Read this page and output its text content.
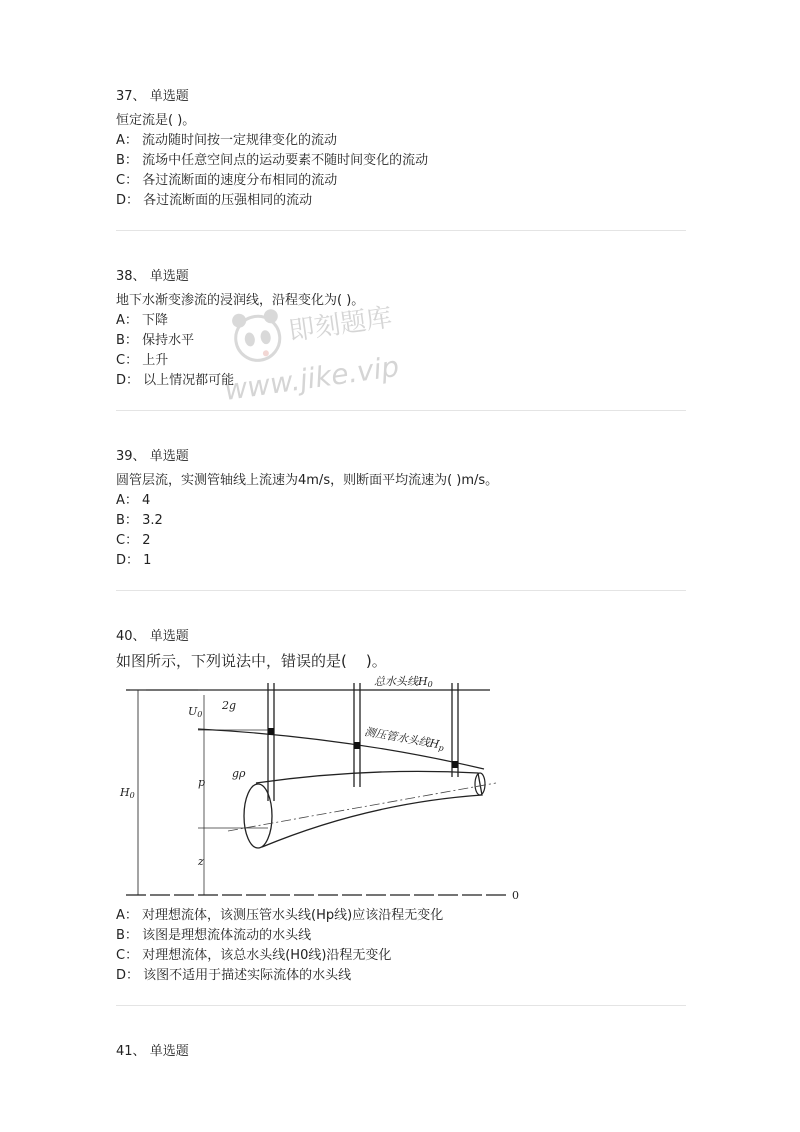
37、 单选题
恒定流是( )。
A： 流动随时间按一定规律变化的流动
B： 流场中任意空间点的运动要素不随时间变化的流动
C： 各过流断面的速度分布相同的流动
D： 各过流断面的压强相同的流动
38、 单选题
地下水渐变渗流的浸润线，沿程变化为( )。
A： 下降
B： 保持水平
C： 上升
D： 以上情况都可能
39、 单选题
圆管层流，实测管轴线上流速为4m/s，则断面平均流速为( )m/s。
A： 4
B： 3.2
C： 2
D： 1
40、 单选题
如图所示，下列说法中，错误的是(    )。
总水头线H0
测压管水头线Hp
U0
2g
p
gρ
H0
z
0
A： 对理想流体，该测压管水头线(Hp线)应该沿程无变化
B： 该图是理想流体流动的水头线
C： 对理想流体，该总水头线(H0线)沿程无变化
D： 该图不适用于描述实际流体的水头线
41、 单选题
即刻题库
www.jike.vip
